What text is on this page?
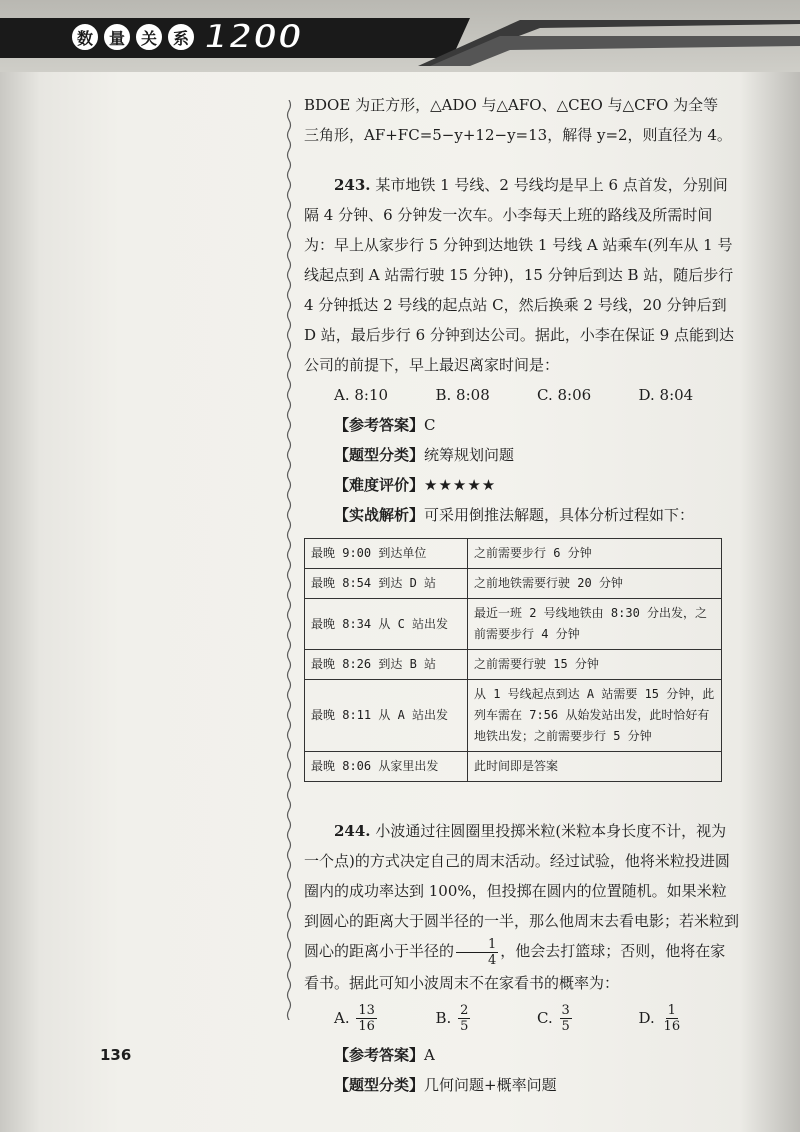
数 量 关 系 1200

BDOE 为正方形，△ADO 与△AFO、△CEO 与△CFO 为全等

三角形，AF+FC=5−y+12−y=13，解得 y=2，则直径为 4。

243. 某市地铁 1 号线、2 号线均是早上 6 点首发，分别间隔 4 分钟、6 分钟发一次车。小李每天上班的路线及所需时间为：早上从家步行 5 分钟到达地铁 1 号线 A 站乘车(列车从 1 号线起点到 A 站需行驶 15 分钟)，15 分钟后到达 B 站，随后步行 4 分钟抵达 2 号线的起点站 C，然后换乘 2 号线，20 分钟后到 D 站，最后步行 6 分钟到达公司。据此，小李在保证 9 点能到达公司的前提下，早上最迟离家时间是：

A. 8:10	B. 8:08	C. 8:06	D. 8:04

【参考答案】C

【题型分类】统筹规划问题

【难度评价】★★★★★

【实战解析】可采用倒推法解题，具体分析过程如下：

最晚 9:00 到达单位	之前需要步行 6 分钟
最晚 8:54 到达 D 站	之前地铁需要行驶 20 分钟
最晚 8:34 从 C 站出发	最近一班 2 号线地铁由 8:30 分出发，之前需要步行 4 分钟
最晚 8:26 到达 B 站	之前需要行驶 15 分钟
最晚 8:11 从 A 站出发	从 1 号线起点到达 A 站需要 15 分钟，此列车需在 7:56 从始发站出发，此时恰好有地铁出发；之前需要步行 5 分钟
最晚 8:06 从家里出发	此时间即是答案

244. 小波通过往圆圈里投掷米粒(米粒本身长度不计，视为一个点)的方式决定自己的周末活动。经过试验，他将米粒投进圆圈内的成功率达到 100%，但投掷在圆内的位置随机。如果米粒到圆心的距离大于圆半径的一半，那么他周末去看电影；若米粒到圆心的距离小于半径的 $\frac{1}{4}$ ，他会去打篮球；否则，他将在家看书。据此可知小波周末不在家看书的概率为：

A. $\frac{13}{16}$	B. $\frac{2}{5}$	C. $\frac{3}{5}$	D. $\frac{1}{16}$

【参考答案】A

【题型分类】几何问题+概率问题

136
